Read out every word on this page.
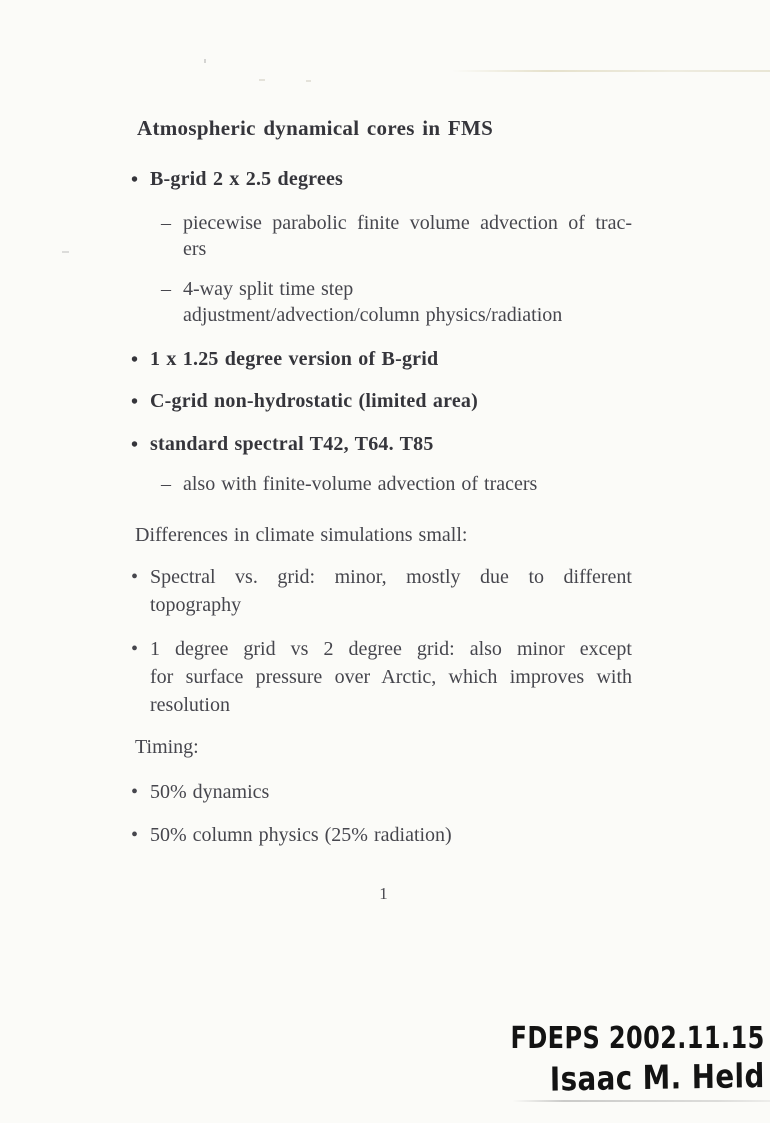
Atmospheric dynamical cores in FMS
• B-grid 2 x 2.5 degrees
– piecewise parabolic finite volume advection of trac-
ers
– 4-way split time step
adjustment/advection/column physics/radiation
• 1 x 1.25 degree version of B-grid
• C-grid non-hydrostatic (limited area)
• standard spectral T42, T64. T85
– also with finite-volume advection of tracers
Differences in climate simulations small:
• Spectral vs. grid: minor, mostly due to different
topography
• 1 degree grid vs 2 degree grid: also minor except
for surface pressure over Arctic, which improves with
resolution
Timing:
• 50% dynamics
• 50% column physics (25% radiation)
1
FDEPS 2002.11.15
Isaac M. Held
